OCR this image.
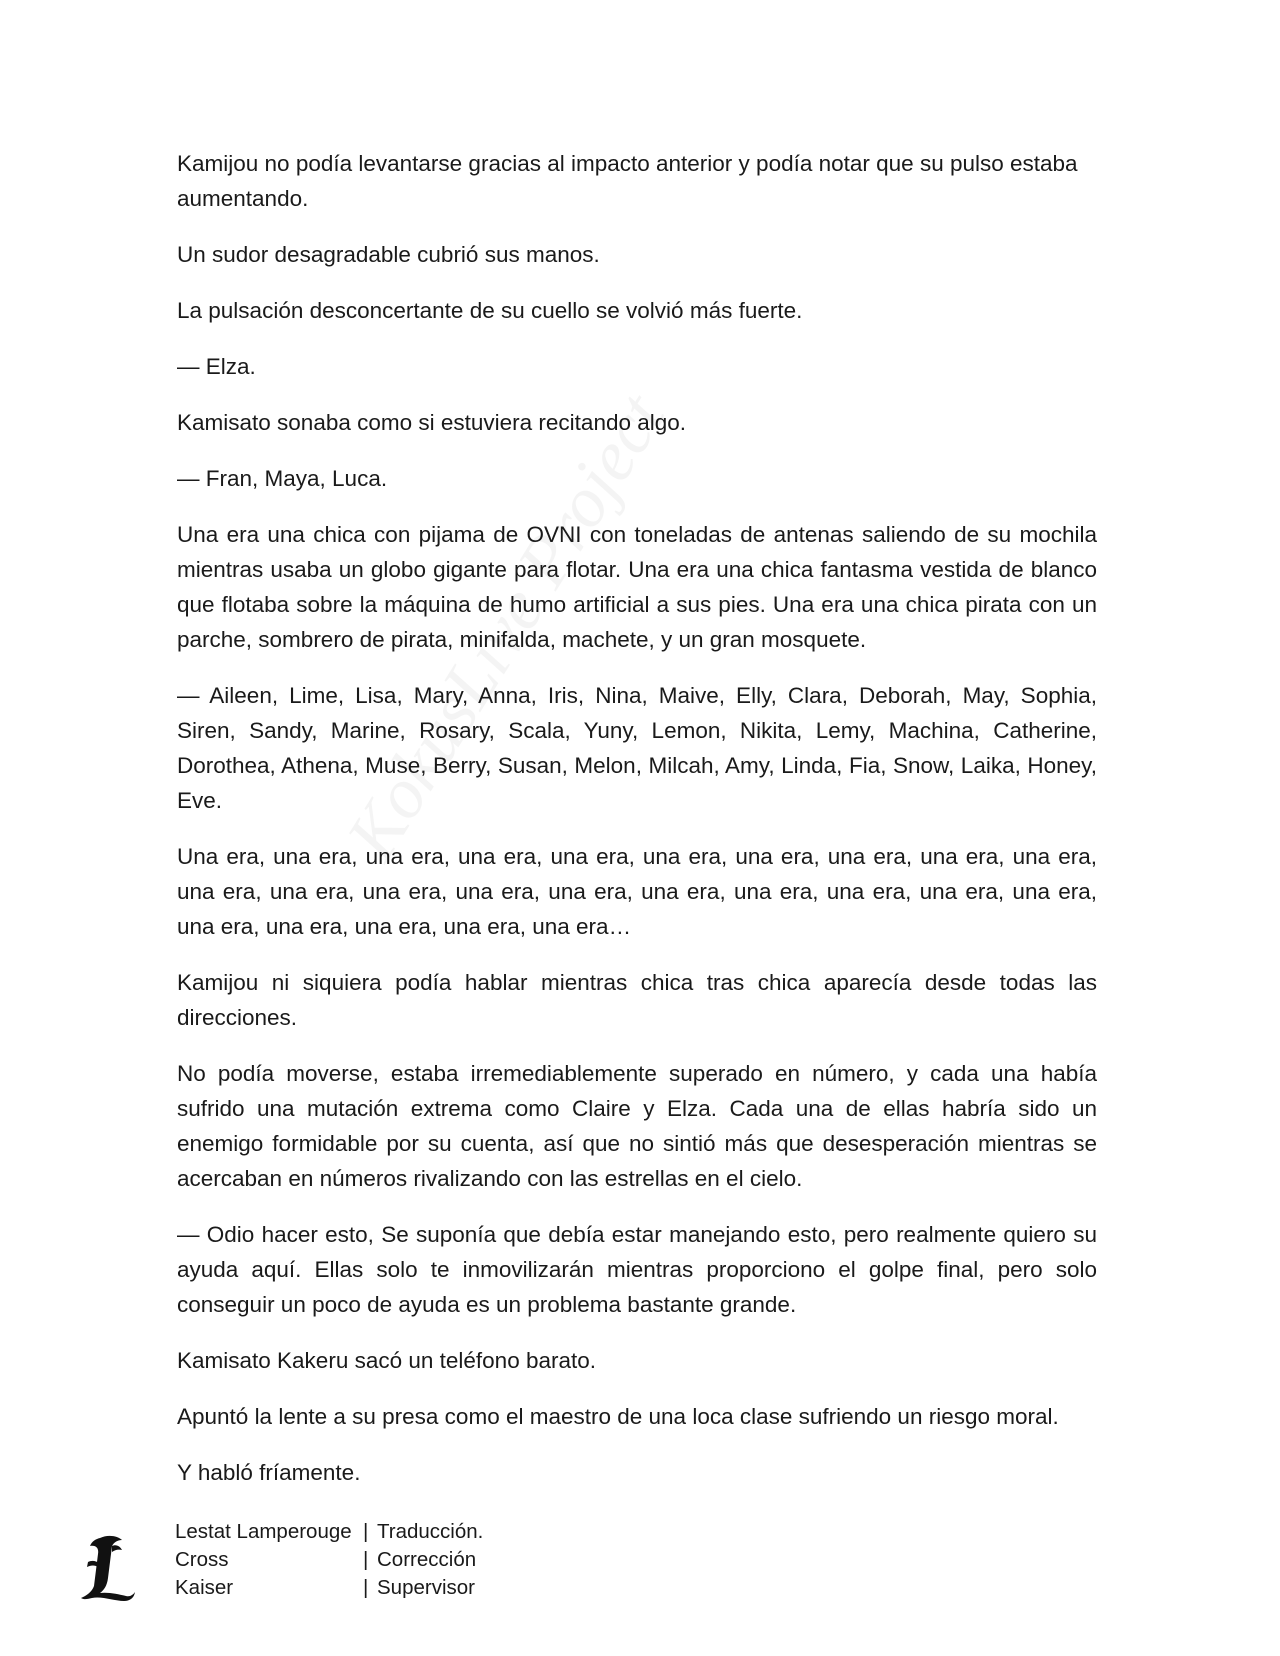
Kamijou no podía levantarse gracias al impacto anterior y podía notar que su pulso estaba aumentando.

Un sudor desagradable cubrió sus manos.

La pulsación desconcertante de su cuello se volvió más fuerte.

— Elza.

Kamisato sonaba como si estuviera recitando algo.

— Fran, Maya, Luca.

Una era una chica con pijama de OVNI con toneladas de antenas saliendo de su mochila mientras usaba un globo gigante para flotar. Una era una chica fantasma vestida de blanco que flotaba sobre la máquina de humo artificial a sus pies. Una era una chica pirata con un parche, sombrero de pirata, minifalda, machete, y un gran mosquete.

— Aileen, Lime, Lisa, Mary, Anna, Iris, Nina, Maive, Elly, Clara, Deborah, May, Sophia, Siren, Sandy, Marine, Rosary, Scala, Yuny, Lemon, Nikita, Lemy, Machina, Catherine, Dorothea, Athena, Muse, Berry, Susan, Melon, Milcah, Amy, Linda, Fia, Snow, Laika, Honey, Eve.

Una era, una era, una era, una era, una era, una era, una era, una era, una era, una era, una era, una era, una era, una era, una era, una era, una era, una era, una era, una era, una era, una era, una era, una era, una era…

Kamijou ni siquiera podía hablar mientras chica tras chica aparecía desde todas las direcciones.

No podía moverse, estaba irremediablemente superado en número, y cada una había sufrido una mutación extrema como Claire y Elza. Cada una de ellas habría sido un enemigo formidable por su cuenta, así que no sintió más que desesperación mientras se acercaban en números rivalizando con las estrellas en el cielo.

— Odio hacer esto, Se suponía que debía estar manejando esto, pero realmente quiero su ayuda aquí. Ellas solo te inmovilizarán mientras proporciono el golpe final, pero solo conseguir un poco de ayuda es un problema bastante grande.

Kamisato Kakeru sacó un teléfono barato.

Apuntó la lente a su presa como el maestro de una loca clase sufriendo un riesgo moral.

Y habló fríamente.

Lestat Lamperouge | Traducción.
Cross	| Corrección
Kaiser	| Supervisor
